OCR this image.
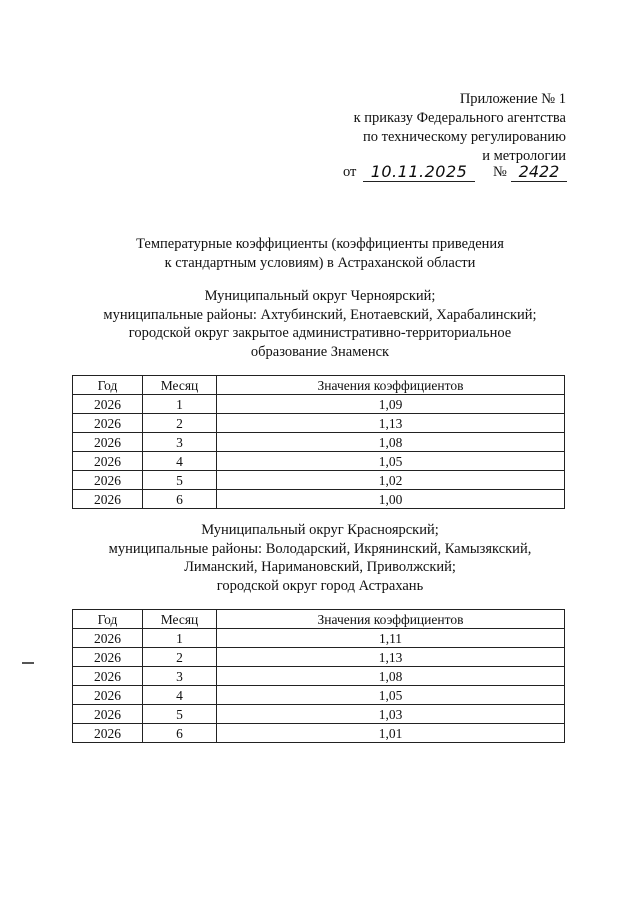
Приложение № 1
к приказу Федерального агентства
по техническому регулированию
и метрологии
от 10.11.2025	№ 2422
Температурные коэффициенты (коэффициенты приведения
к стандартным условиям) в Астраханской области
Муниципальный округ Черноярский;
муниципальные районы: Ахтубинский, Енотаевский, Харабалинский;
городской округ закрытое административно-территориальное
образование Знаменск
Год	Месяц	Значения коэффициентов
2026	1	1,09
2026	2	1,13
2026	3	1,08
2026	4	1,05
2026	5	1,02
2026	6	1,00
Муниципальный округ Красноярский;
муниципальные районы: Володарский, Икрянинский, Камызякский,
Лиманский, Наримановский, Приволжский;
городской округ город Астрахань
Год	Месяц	Значения коэффициентов
2026	1	1,11
2026	2	1,13
2026	3	1,08
2026	4	1,05
2026	5	1,03
2026	6	1,01
